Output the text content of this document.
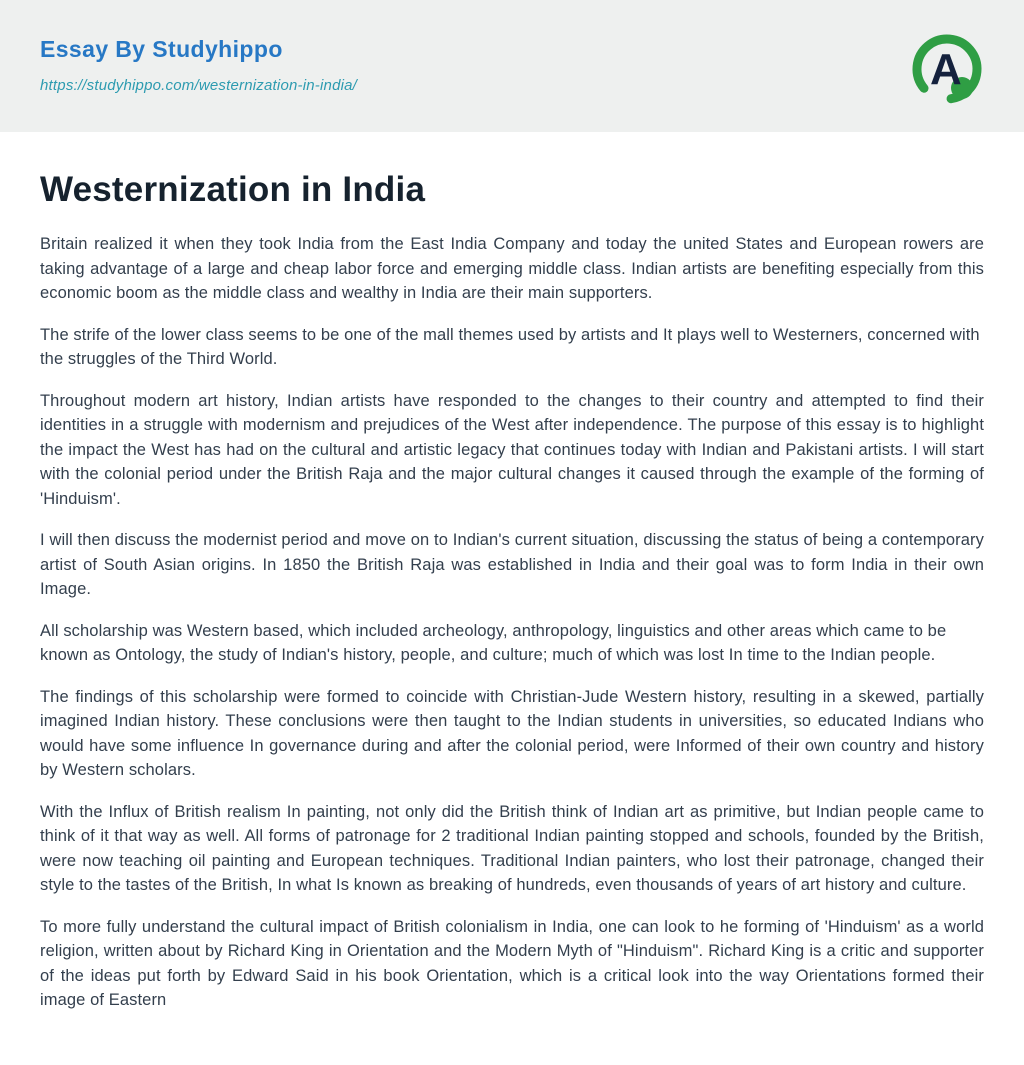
Essay By Studyhippo
https://studyhippo.com/westernization-in-india/	A
Westernization in India

Britain realized it when they took India from the East India Company and today the united States and European rowers are taking advantage of a large and cheap labor force and emerging middle class. Indian artists are benefiting especially from this economic boom as the middle class and wealthy in India are their main supporters.

The strife of the lower class seems to be one of the mall themes used by artists and It plays well to Westerners, concerned with the struggles of the Third World.

Throughout modern art history, Indian artists have responded to the changes to their country and attempted to find their identities in a struggle with modernism and prejudices of the West after independence. The purpose of this essay is to highlight the impact the West has had on the cultural and artistic legacy that continues today with Indian and Pakistani artists. I will start with the colonial period under the British Raja and the major cultural changes it caused through the example of the forming of 'Hinduism'.

I will then discuss the modernist period and move on to Indian's current situation, discussing the status of being a contemporary artist of South Asian origins. In 1850 the British Raja was established in India and their goal was to form India in their own Image.

All scholarship was Western based, which included archeology, anthropology, linguistics and other areas which came to be known as Ontology, the study of Indian's history, people, and culture; much of which was lost In time to the Indian people.

The findings of this scholarship were formed to coincide with Christian-Jude Western history, resulting in a skewed, partially imagined Indian history. These conclusions were then taught to the Indian students in universities, so educated Indians who would have some influence In governance during and after the colonial period, were Informed of their own country and history by Western scholars.

With the Influx of British realism In painting, not only did the British think of Indian art as primitive, but Indian people came to think of it that way as well. All forms of patronage for 2 traditional Indian painting stopped and schools, founded by the British, were now teaching oil painting and European techniques. Traditional Indian painters, who lost their patronage, changed their style to the tastes of the British, In what Is known as breaking of hundreds, even thousands of years of art history and culture.

To more fully understand the cultural impact of British colonialism in India, one can look to he forming of 'Hinduism' as a world religion, written about by Richard King in Orientation and the Modern Myth of "Hinduism". Richard King is a critic and supporter of the ideas put forth by Edward Said in his book Orientation, which is a critical look into the way Orientations formed their image of Eastern
